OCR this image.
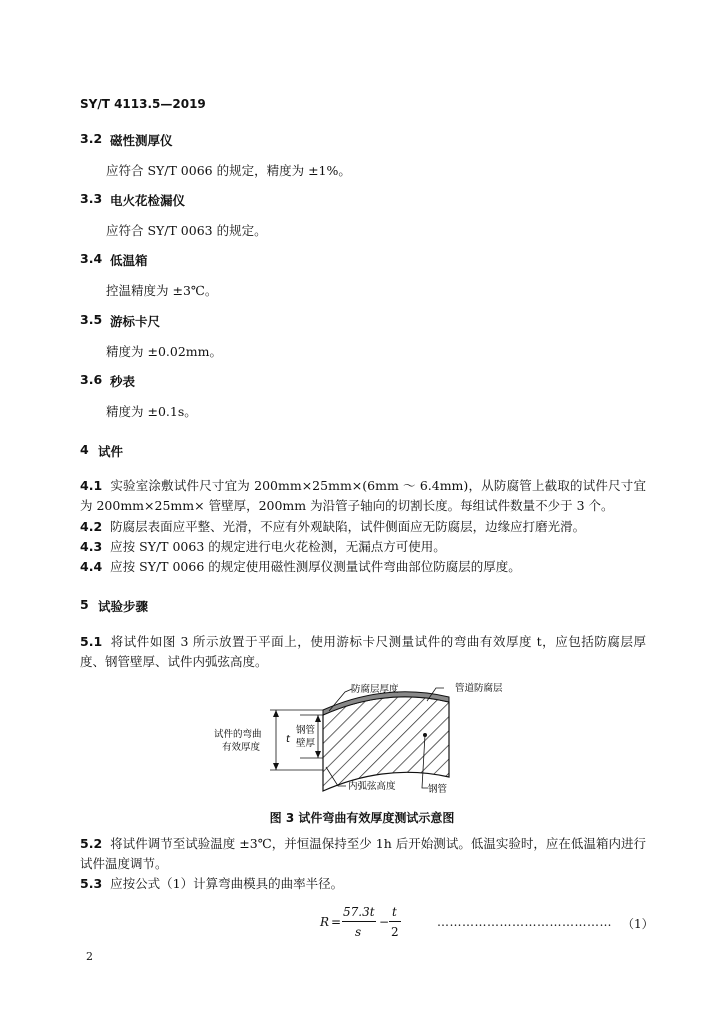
SY/T 4113.5—2019
3.2 磁性测厚仪
应符合 SY/T 0066 的规定，精度为 ±1%。
3.3 电火花检漏仪
应符合 SY/T 0063 的规定。
3.4 低温箱
控温精度为 ±3℃。
3.5 游标卡尺
精度为 ±0.02mm。
3.6 秒表
精度为 ±0.1s。
4 试件
4.1 实验室涂敷试件尺寸宜为 200mm×25mm×(6mm ～ 6.4mm)，从防腐管上截取的试件尺寸宜为 200mm×25mm× 管壁厚，200mm 为沿管子轴向的切割长度。每组试件数量不少于 3 个。
4.2 防腐层表面应平整、光滑，不应有外观缺陷，试件侧面应无防腐层，边缘应打磨光滑。
4.3 应按 SY/T 0063 的规定进行电火花检测，无漏点方可使用。
4.4 应按 SY/T 0066 的规定使用磁性测厚仪测量试件弯曲部位防腐层的厚度。
5 试验步骤
5.1 将试件如图 3 所示放置于平面上，使用游标卡尺测量试件的弯曲有效厚度 t，应包括防腐层厚度、钢管壁厚、试件内弧弦高度。
防腐层厚度	管道防腐层
试件的弯曲
有效厚度
t
钢管
壁厚
内弧弦高度	钢管
图 3 试件弯曲有效厚度测试示意图
5.2 将试件调节至试验温度 ±3℃，并恒温保持至少 1h 后开始测试。低温实验时，应在低温箱内进行试件温度调节。
5.3 应按公式（1）计算弯曲模具的曲率半径。
R =
57.3t
s
−
t
2
…………………………………… （1）
2
